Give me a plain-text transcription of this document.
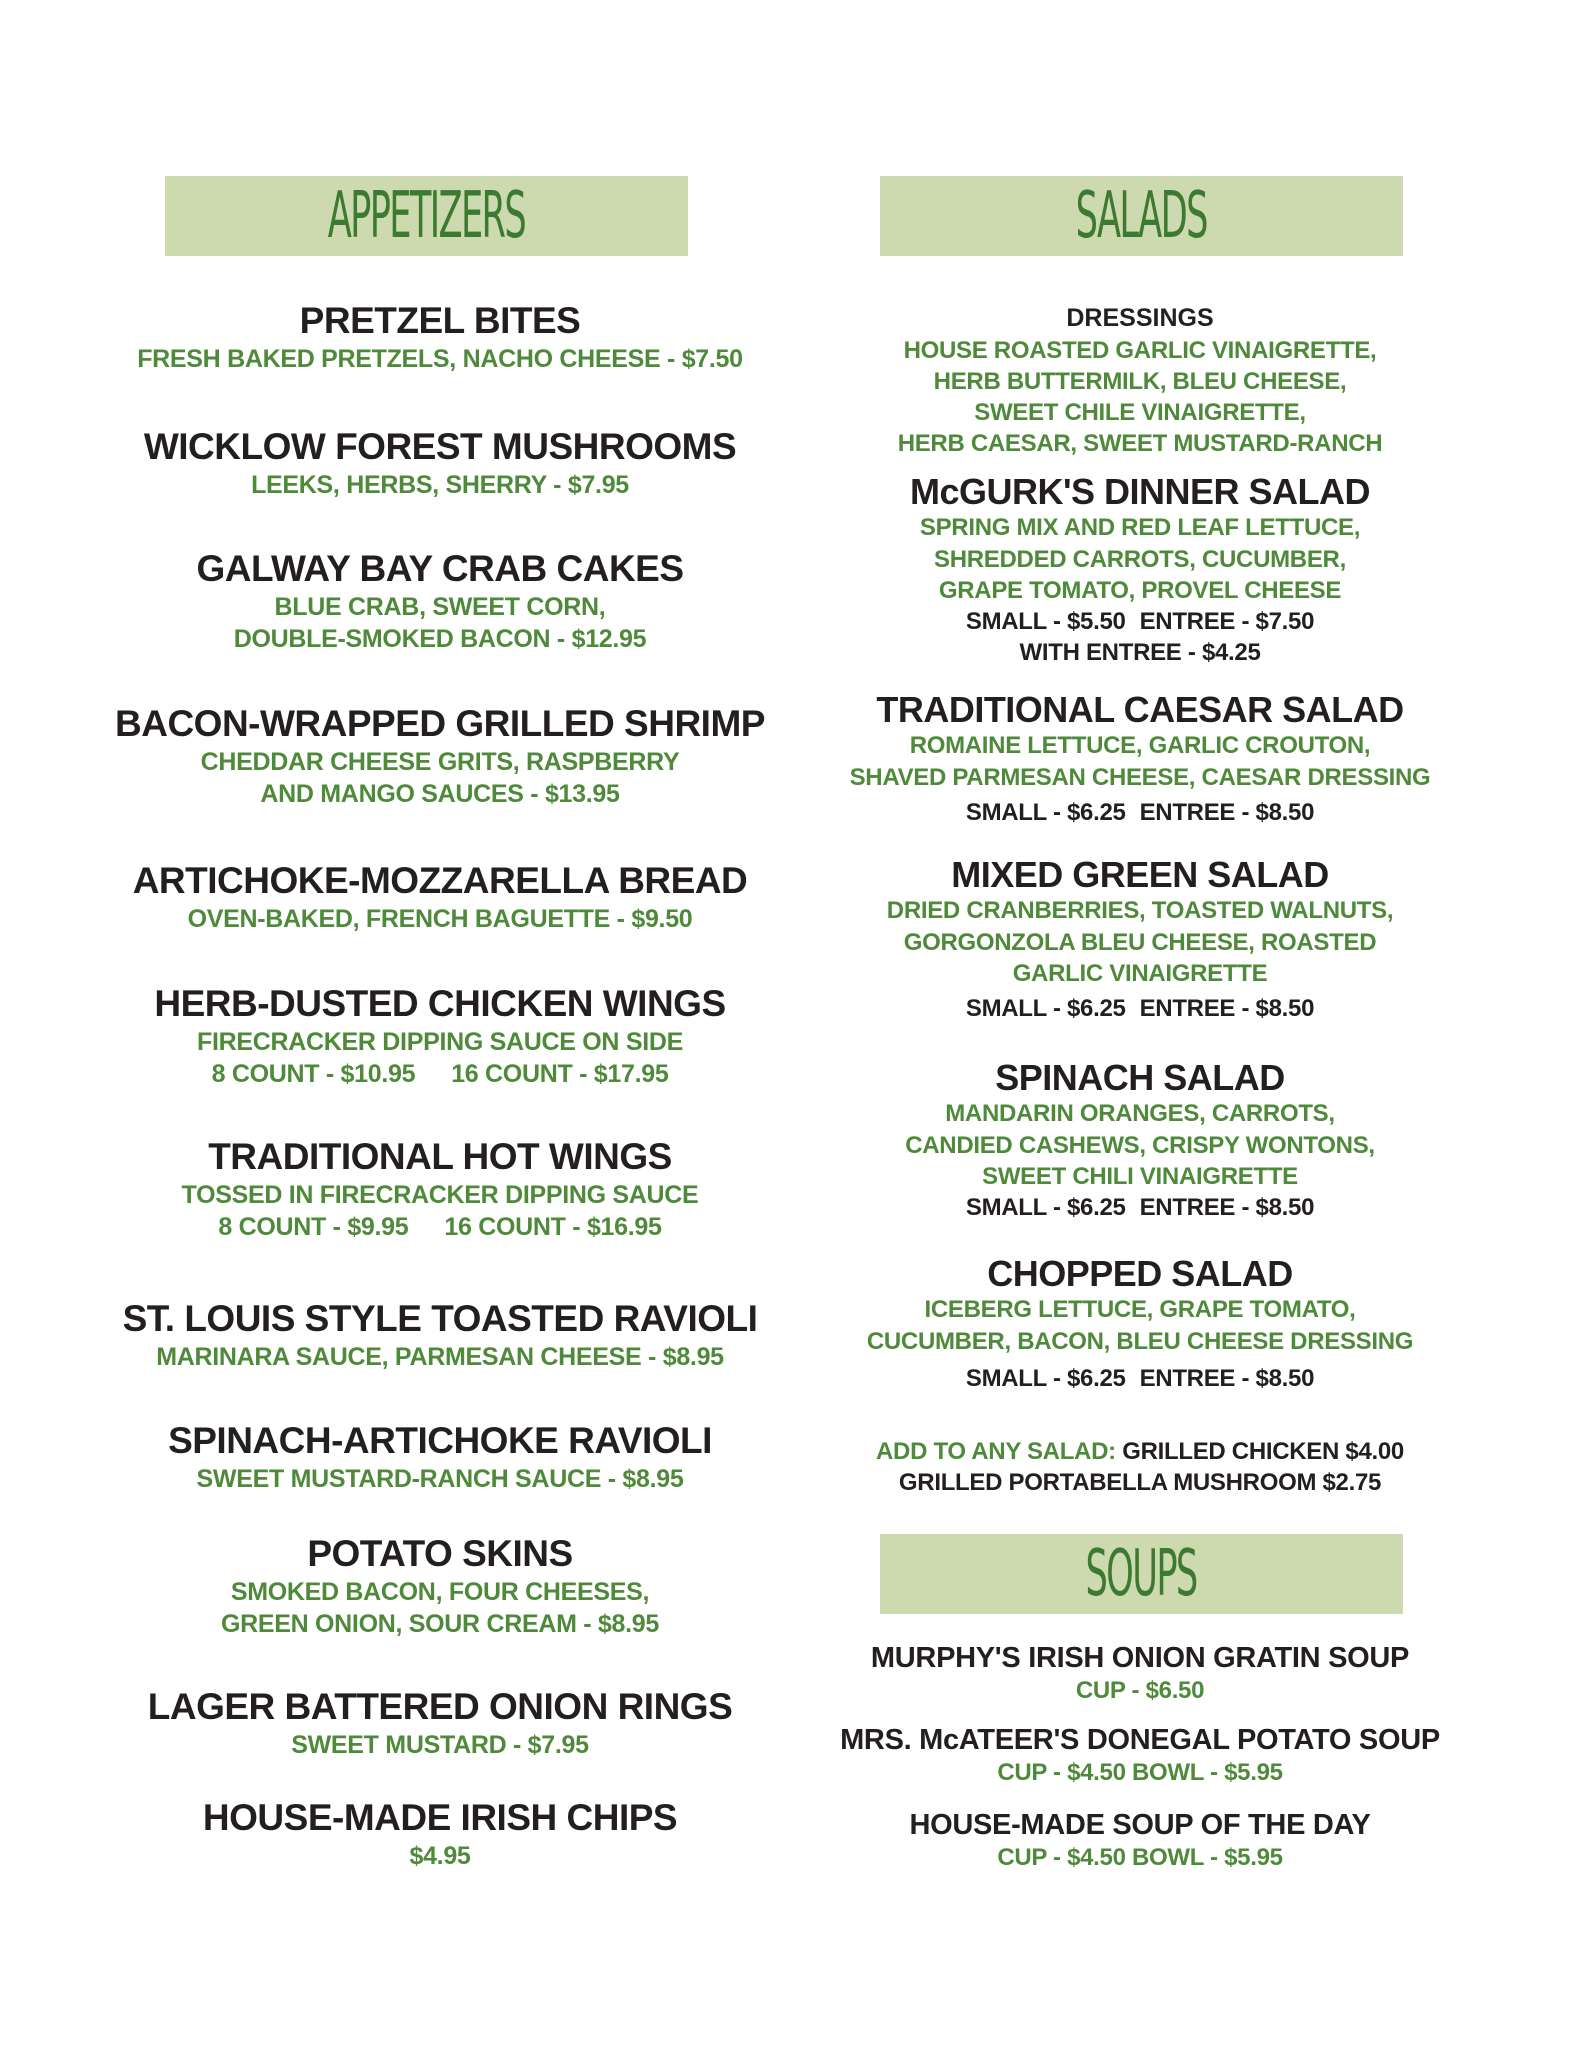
APPETIZERS
PRETZEL BITES
FRESH BAKED PRETZELS, NACHO CHEESE - $7.50
WICKLOW FOREST MUSHROOMS
LEEKS, HERBS, SHERRY - $7.95
GALWAY BAY CRAB CAKES
BLUE CRAB, SWEET CORN,
DOUBLE-SMOKED BACON - $12.95
BACON-WRAPPED GRILLED SHRIMP
CHEDDAR CHEESE GRITS, RASPBERRY
AND MANGO SAUCES - $13.95
ARTICHOKE-MOZZARELLA BREAD
OVEN-BAKED, FRENCH BAGUETTE - $9.50
HERB-DUSTED CHICKEN WINGS
FIRECRACKER DIPPING SAUCE ON SIDE
8 COUNT - $10.95 16 COUNT - $17.95
TRADITIONAL HOT WINGS
TOSSED IN FIRECRACKER DIPPING SAUCE
8 COUNT - $9.95 16 COUNT - $16.95
ST. LOUIS STYLE TOASTED RAVIOLI
MARINARA SAUCE, PARMESAN CHEESE - $8.95
SPINACH-ARTICHOKE RAVIOLI
SWEET MUSTARD-RANCH SAUCE - $8.95
POTATO SKINS
SMOKED BACON, FOUR CHEESES,
GREEN ONION, SOUR CREAM - $8.95
LAGER BATTERED ONION RINGS
SWEET MUSTARD - $7.95
HOUSE-MADE IRISH CHIPS
$4.95
SALADS
DRESSINGS
HOUSE ROASTED GARLIC VINAIGRETTE,
HERB BUTTERMILK, BLEU CHEESE,
SWEET CHILE VINAIGRETTE,
HERB CAESAR, SWEET MUSTARD-RANCH
McGURK'S DINNER SALAD
SPRING MIX AND RED LEAF LETTUCE,
SHREDDED CARROTS, CUCUMBER,
GRAPE TOMATO, PROVEL CHEESE
SMALL - $5.50 ENTREE - $7.50
WITH ENTREE - $4.25
TRADITIONAL CAESAR SALAD
ROMAINE LETTUCE, GARLIC CROUTON,
SHAVED PARMESAN CHEESE, CAESAR DRESSING
SMALL - $6.25 ENTREE - $8.50
MIXED GREEN SALAD
DRIED CRANBERRIES, TOASTED WALNUTS,
GORGONZOLA BLEU CHEESE, ROASTED
GARLIC VINAIGRETTE
SMALL - $6.25 ENTREE - $8.50
SPINACH SALAD
MANDARIN ORANGES, CARROTS,
CANDIED CASHEWS, CRISPY WONTONS,
SWEET CHILI VINAIGRETTE
SMALL - $6.25 ENTREE - $8.50
CHOPPED SALAD
ICEBERG LETTUCE, GRAPE TOMATO,
CUCUMBER, BACON, BLEU CHEESE DRESSING
SMALL - $6.25 ENTREE - $8.50
ADD TO ANY SALAD: GRILLED CHICKEN $4.00
GRILLED PORTABELLA MUSHROOM $2.75
SOUPS
MURPHY'S IRISH ONION GRATIN SOUP
CUP - $6.50
MRS. McATEER'S DONEGAL POTATO SOUP
CUP - $4.50 BOWL - $5.95
HOUSE-MADE SOUP OF THE DAY
CUP - $4.50 BOWL - $5.95
